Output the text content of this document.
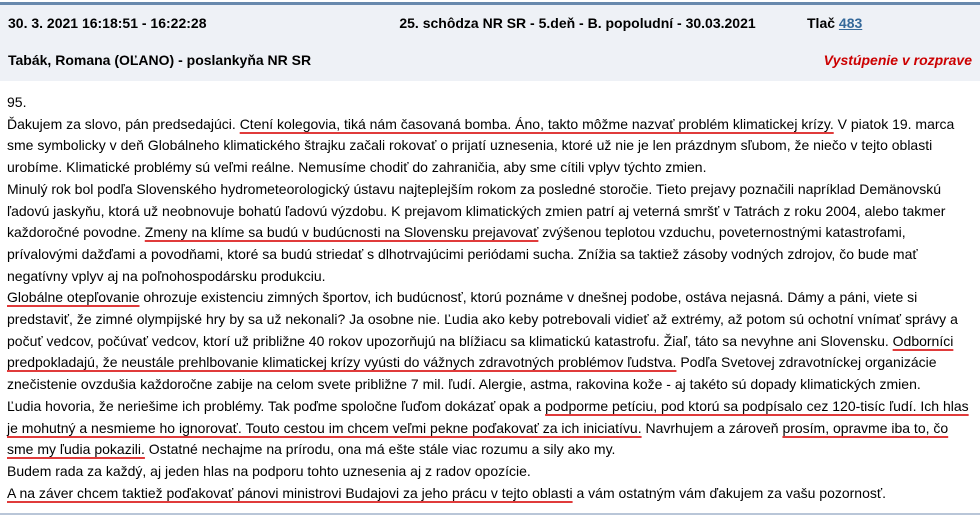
30. 3. 2021 16:18:51 - 16:22:28	25. schôdza NR SR - 5.deň - B. popoludní - 30.03.2021	Tlač 483
Tabák, Romana (OĽANO) - poslankyňa NR SR	Vystúpenie v rozprave
95.
Ďakujem za slovo, pán predsedajúci. Ctení kolegovia, tiká nám časovaná bomba. Áno, takto môžme nazvať problém klimatickej krízy. V piatok 19. marca sme symbolicky v deň Globálneho klimatického štrajku začali rokovať o prijatí uznesenia, ktoré už nie je len prázdnym sľubom, že niečo v tejto oblasti urobíme. Klimatické problémy sú veľmi reálne. Nemusíme chodiť do zahraničia, aby sme cítili vplyv týchto zmien.
Minulý rok bol podľa Slovenského hydrometeorologický ústavu najteplejším rokom za posledné storočie. Tieto prejavy poznačili napríklad Demänovskú ľadovú jaskyňu, ktorá už neobnovuje bohatú ľadovú výzdobu. K prejavom klimatických zmien patrí aj veterná smršť v Tatrách z roku 2004, alebo takmer každoročné povodne. Zmeny na klíme sa budú v budúcnosti na Slovensku prejavovať zvýšenou teplotou vzduchu, poveternostnými katastrofami, prívalovými dažďami a povodňami, ktoré sa budú striedať s dlhotrvajúcimi periódami sucha. Znížia sa taktiež zásoby vodných zdrojov, čo bude mať negatívny vplyv aj na poľnohospodársku produkciu.
Globálne otepľovanie ohrozuje existenciu zimných športov, ich budúcnosť, ktorú poznáme v dnešnej podobe, ostáva nejasná. Dámy a páni, viete si predstaviť, že zimné olympijské hry by sa už nekonali? Ja osobne nie. Ľudia ako keby potrebovali vidieť až extrémy, až potom sú ochotní vnímať správy a počuť vedcov, počúvať vedcov, ktorí už približne 40 rokov upozorňujú na blížiacu sa klimatickú katastrofu. Žiaľ, táto sa nevyhne ani Slovensku. Odborníci predpokladajú, že neustále prehlbovanie klimatickej krízy vyústi do vážnych zdravotných problémov ľudstva. Podľa Svetovej zdravotníckej organizácie znečistenie ovzdušia každoročne zabije na celom svete približne 7 mil. ľudí. Alergie, astma, rakovina kože - aj takéto sú dopady klimatických zmien.
Ľudia hovoria, že neriešime ich problémy. Tak poďme spoločne ľuďom dokázať opak a podporme petíciu, pod ktorú sa podpísalo cez 120-tisíc ľudí. Ich hlas je mohutný a nesmieme ho ignorovať. Touto cestou im chcem veľmi pekne poďakovať za ich iniciatívu. Navrhujem a zároveň prosím, opravme iba to, čo sme my ľudia pokazili. Ostatné nechajme na prírodu, ona má ešte stále viac rozumu a sily ako my.
Budem rada za každý, aj jeden hlas na podporu tohto uznesenia aj z radov opozície.
A na záver chcem taktiež poďakovať pánovi ministrovi Budajovi za jeho prácu v tejto oblasti a vám ostatným vám ďakujem za vašu pozornosť.
